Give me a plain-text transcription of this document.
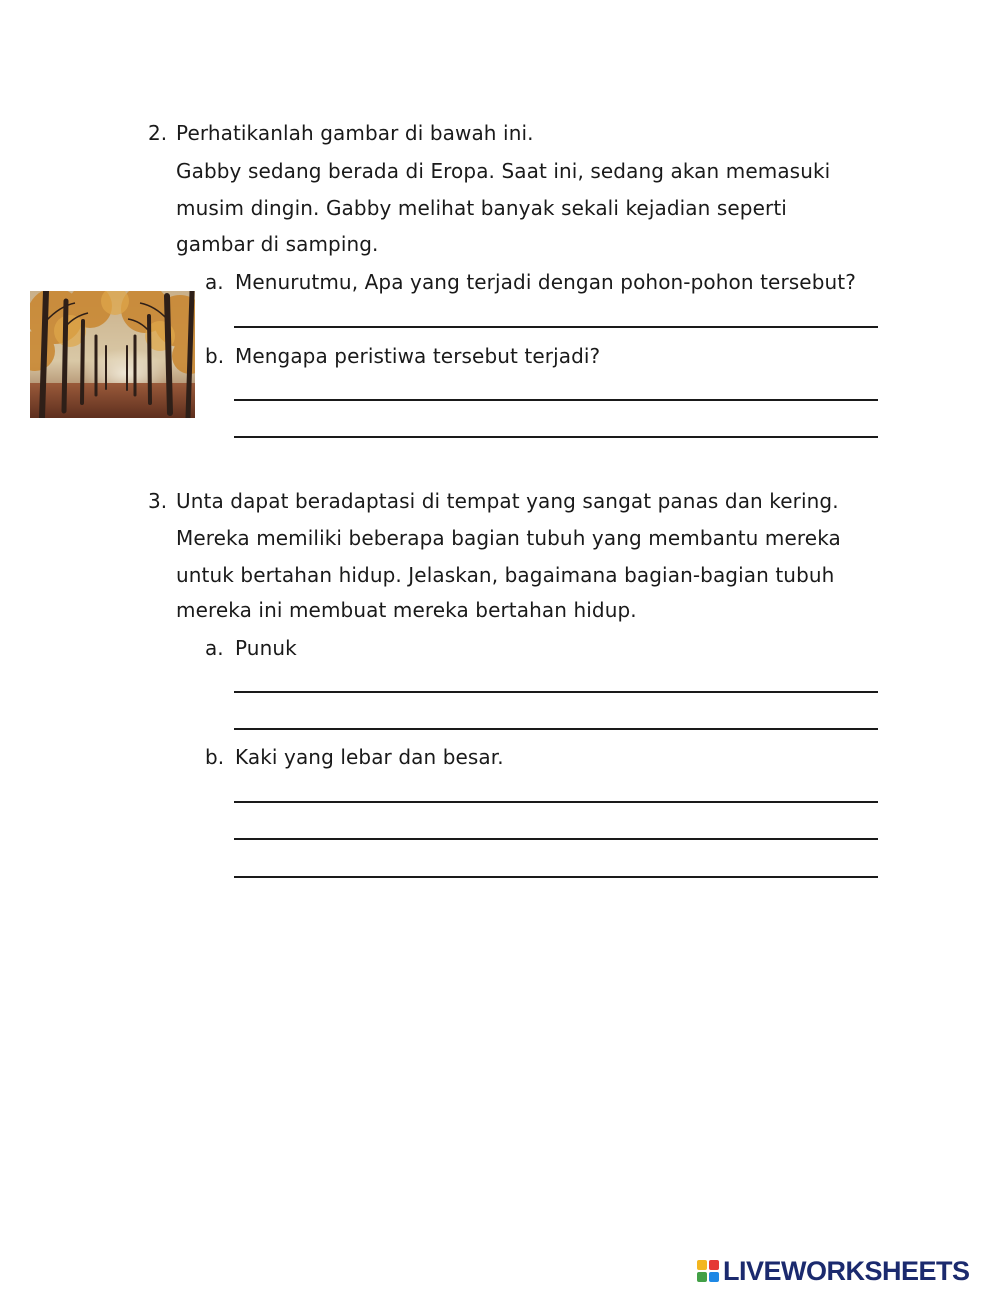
2. Perhatikanlah gambar di bawah ini.
Gabby sedang berada di Eropa. Saat ini, sedang akan memasuki
musim dingin. Gabby melihat banyak sekali kejadian seperti
gambar di samping.
a. Menurutmu, Apa yang terjadi dengan pohon-pohon tersebut?
b. Mengapa peristiwa tersebut terjadi?
3. Unta dapat beradaptasi di tempat yang sangat panas dan kering.
Mereka memiliki beberapa bagian tubuh yang membantu mereka
untuk bertahan hidup. Jelaskan, bagaimana bagian-bagian tubuh
mereka ini membuat mereka bertahan hidup.
a. Punuk
b. Kaki yang lebar dan besar.
LIVEWORKSHEETS
